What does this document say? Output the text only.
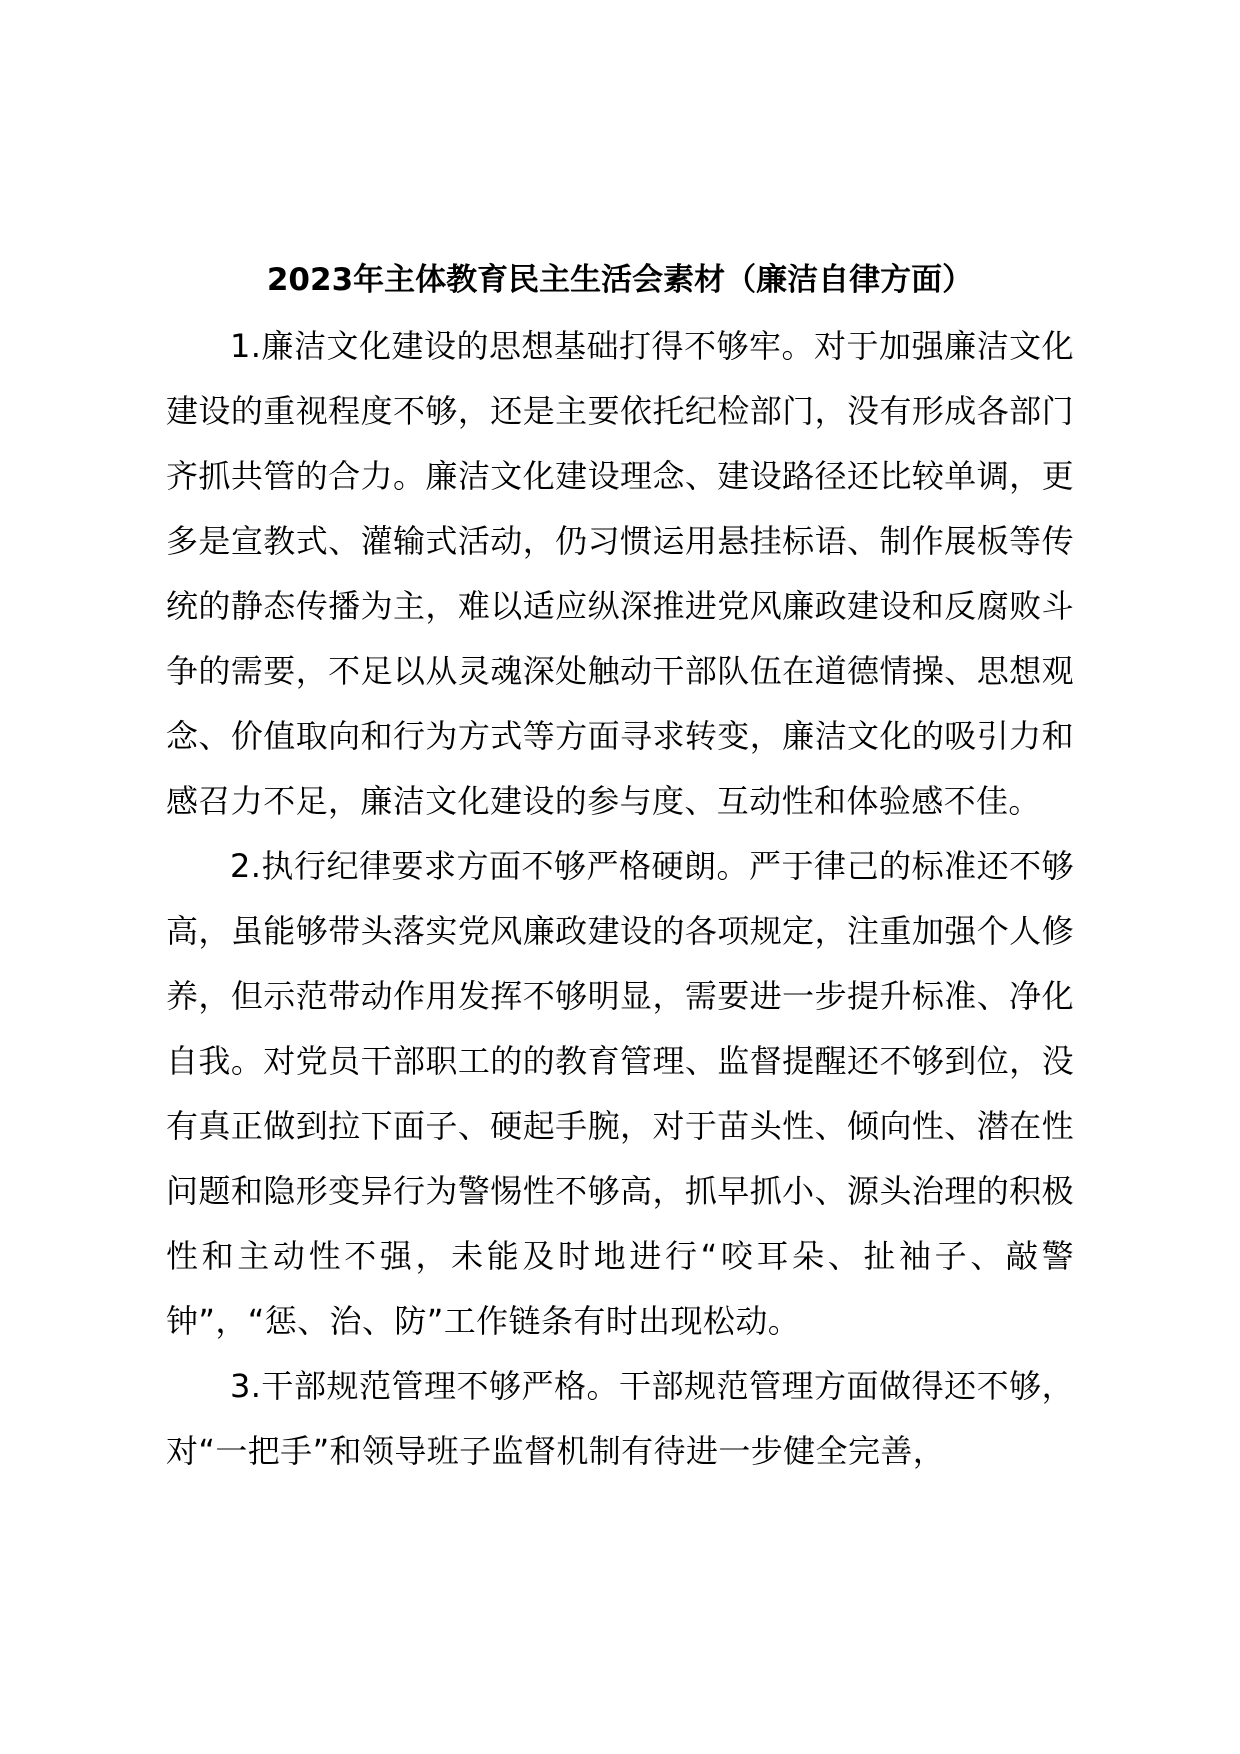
2023年主体教育民主生活会素材（廉洁自律方面）

1.廉洁文化建设的思想基础打得不够牢。对于加强廉洁文化建设的重视程度不够，还是主要依托纪检部门，没有形成各部门齐抓共管的合力。廉洁文化建设理念、建设路径还比较单调，更多是宣教式、灌输式活动，仍习惯运用悬挂标语、制作展板等传统的静态传播为主，难以适应纵深推进党风廉政建设和反腐败斗争的需要，不足以从灵魂深处触动干部队伍在道德情操、思想观念、价值取向和行为方式等方面寻求转变，廉洁文化的吸引力和感召力不足，廉洁文化建设的参与度、互动性和体验感不佳。

2.执行纪律要求方面不够严格硬朗。严于律己的标准还不够高，虽能够带头落实党风廉政建设的各项规定，注重加强个人修养，但示范带动作用发挥不够明显，需要进一步提升标准、净化自我。对党员干部职工的的教育管理、监督提醒还不够到位，没有真正做到拉下面子、硬起手腕，对于苗头性、倾向性、潜在性问题和隐形变异行为警惕性不够高，抓早抓小、源头治理的积极性和主动性不强，未能及时地进行“咬耳朵、扯袖子、敲警钟”，“惩、治、防”工作链条有时出现松动。

3.干部规范管理不够严格。干部规范管理方面做得还不够，对“一把手”和领导班子监督机制有待进一步健全完善，
